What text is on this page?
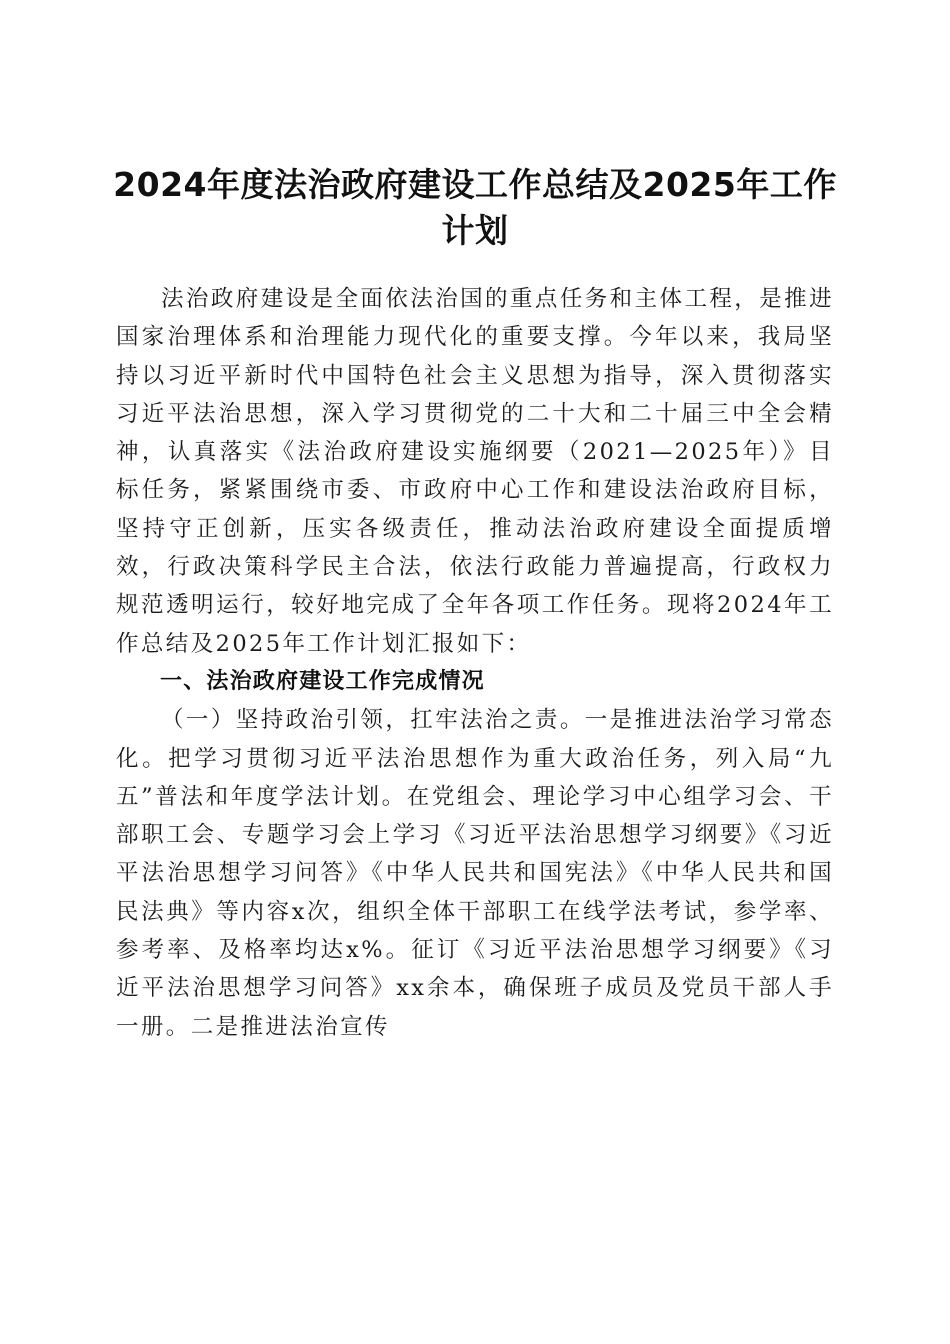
2024年度法治政府建设工作总结及2025年工作计划

法治政府建设是全面依法治国的重点任务和主体工程，是推进国家治理体系和治理能力现代化的重要支撑。今年以来，我局坚持以习近平新时代中国特色社会主义思想为指导，深入贯彻落实习近平法治思想，深入学习贯彻党的二十大和二十届三中全会精神，认真落实《法治政府建设实施纲要（2021—2025年）》目标任务，紧紧围绕市委、市政府中心工作和建设法治政府目标，坚持守正创新，压实各级责任，推动法治政府建设全面提质增效，行政决策科学民主合法，依法行政能力普遍提高，行政权力规范透明运行，较好地完成了全年各项工作任务。现将2024年工作总结及2025年工作计划汇报如下：

一、法治政府建设工作完成情况

（一）坚持政治引领，扛牢法治之责。一是推进法治学习常态化。把学习贯彻习近平法治思想作为重大政治任务，列入局“九五”普法和年度学法计划。在党组会、理论学习中心组学习会、干部职工会、专题学习会上学习《习近平法治思想学习纲要》《习近平法治思想学习问答》《中华人民共和国宪法》《中华人民共和国民法典》等内容x次，组织全体干部职工在线学法考试，参学率、参考率、及格率均达x%。征订《习近平法治思想学习纲要》《习近平法治思想学习问答》xx余本，确保班子成员及党员干部人手一册。二是推进法治宣传
